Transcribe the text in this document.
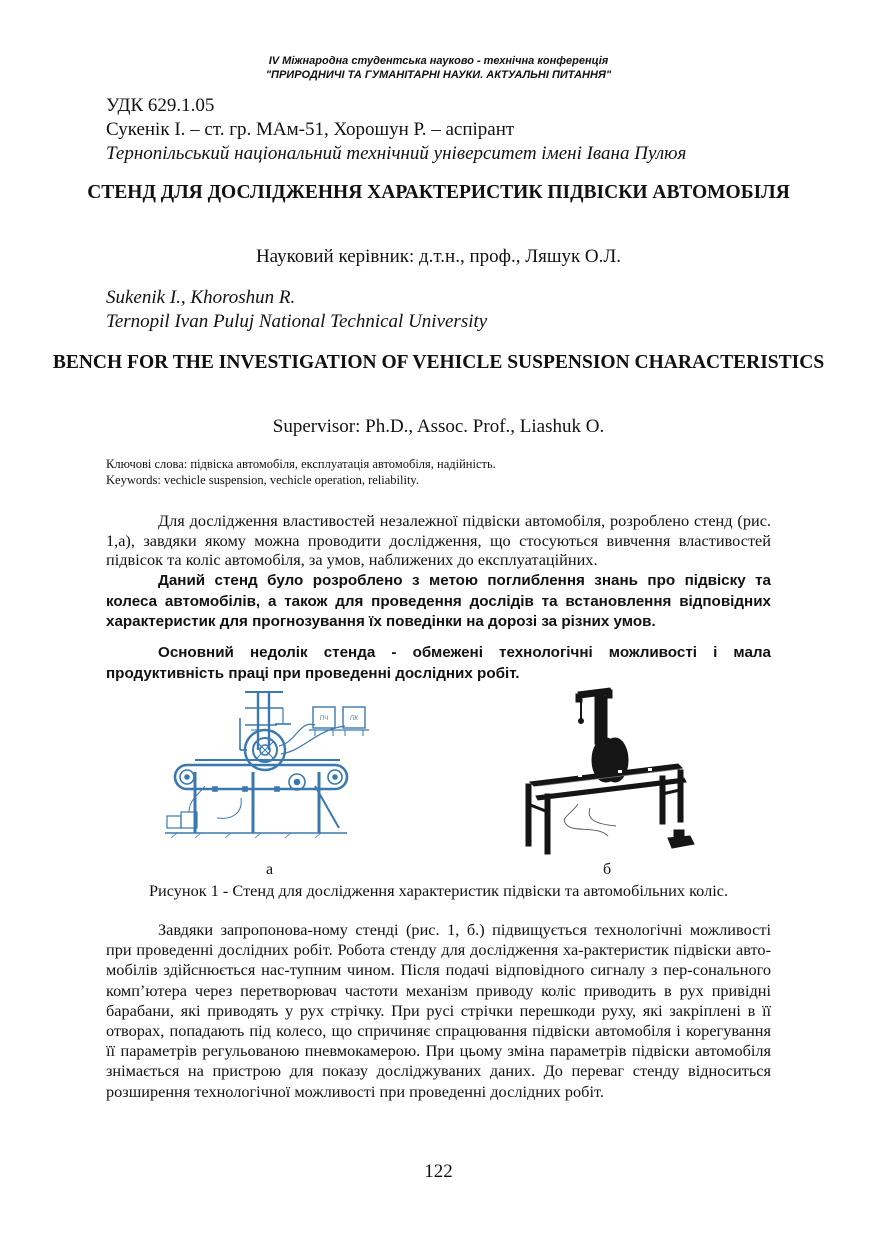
IV Міжнародна студентська науково - технічна конференція
"ПРИРОДНИЧІ ТА ГУМАНІТАРНІ НАУКИ. АКТУАЛЬНІ ПИТАННЯ"
УДК 629.1.05
Сукенік І. – ст. гр. МАм-51, Хорошун Р. – аспірант
Тернопільський національний технічний університет імені Івана Пулюя
СТЕНД ДЛЯ ДОСЛІДЖЕННЯ ХАРАКТЕРИСТИК ПІДВІСКИ АВТОМОБІЛЯ
Науковий керівник: д.т.н., проф., Ляшук О.Л.
Sukenik I., Khoroshun R.
Ternopil Ivan Puluj National Technical University
BENCH FOR THE INVESTIGATION OF VEHICLE SUSPENSION CHARACTERISTICS
Supervisor: Ph.D., Assoc. Prof., Liashuk O.
Ключові слова: підвіска автомобіля, експлуатація автомобіля, надійність.
Keywords: vechicle suspension, vechicle operation, reliability.
Для дослідження властивостей незалежної підвіски автомобіля, розроблено стенд (рис. 1,а), завдяки якому можна проводити дослідження, що стосуються вивчення властивостей підвісок та коліс автомобіля, за умов, наближених до експлуатаційних.
Даний стенд було розроблено з метою поглиблення знань про підвіску та колеса автомобілів, а також для проведення дослідів та встановлення відповідних характеристик для прогнозування їх поведінки на дорозі за різних умов.
Основний недолік стенда - обмежені технологічні можливості і мала продуктивність праці при проведенні дослідних робіт.
ПЧ	ПК
а	б
Рисунок 1 - Стенд для дослідження характеристик підвіски та автомобільних коліс.
Завдяки запропонова-ному стенді (рис. 1, б.) підвищується технологічні можливості при проведенні дослідних робіт. Робота стенду для дослідження ха-рактеристик підвіски авто-мобілів здійснюється нас-тупним чином. Після подачі відповідного сигналу з пер-сонального комп’ютера через перетворювач частоти механізм приводу коліс приводить в рух привідні барабани, які приводять у рух стрічку. При русі стрічки перешкоди руху, які закріплені в її отворах, попадають під колесо, що спричиняє спрацювання підвіски автомобіля і корегування її параметрів регульованою пневмокамерою. При цьому зміна параметрів підвіски автомобіля знімається на пристрою для показу досліджуваних даних. До переваг стенду відноситься розширення технологічної можливості при проведенні дослідних робіт.
122
